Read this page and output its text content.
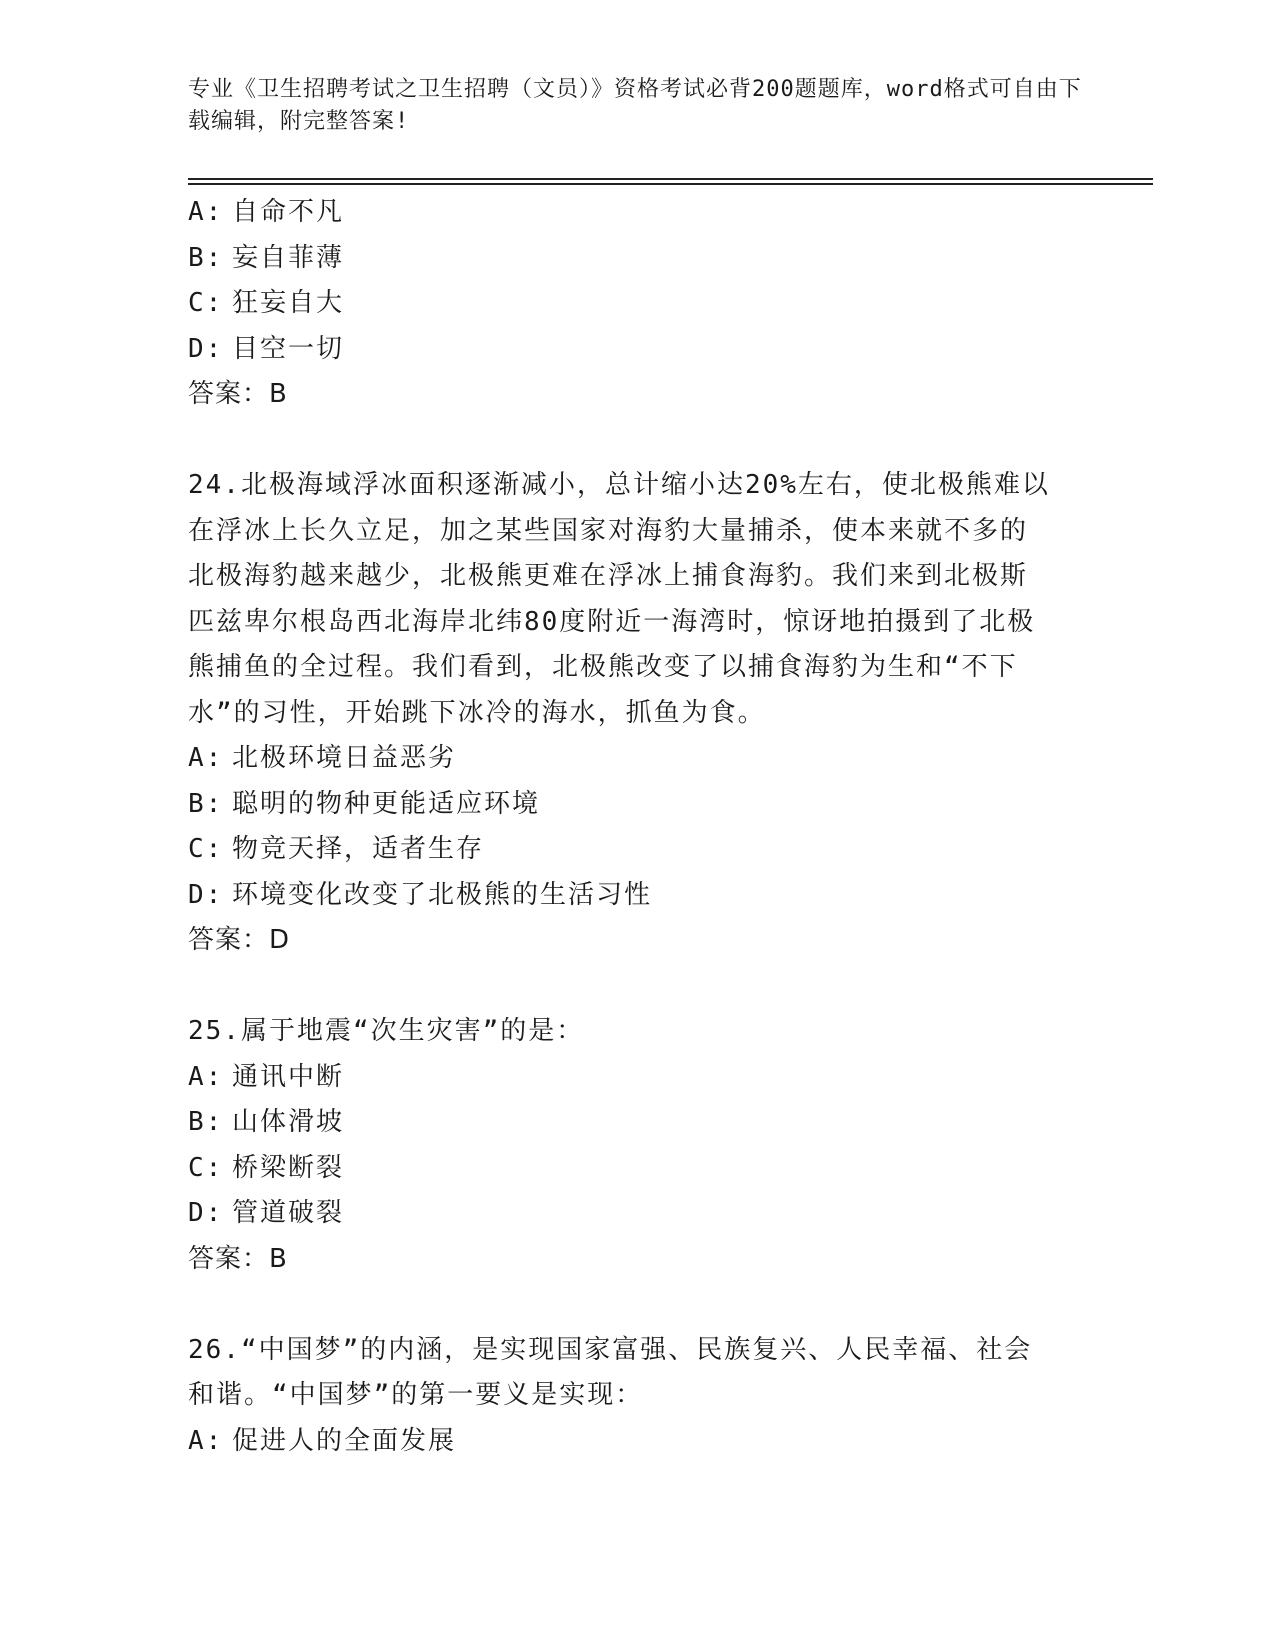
专业《卫生招聘考试之卫生招聘（文员）》资格考试必背200题题库，word格式可自由下载编辑，附完整答案!
A: 自命不凡
B: 妄自菲薄
C: 狂妄自大
D: 目空一切
答案：B
24.北极海域浮冰面积逐渐减小，总计缩小达20%左右，使北极熊难以
在浮冰上长久立足，加之某些国家对海豹大量捕杀，使本来就不多的
北极海豹越来越少，北极熊更难在浮冰上捕食海豹。我们来到北极斯
匹兹卑尔根岛西北海岸北纬80度附近一海湾时，惊讶地拍摄到了北极
熊捕鱼的全过程。我们看到，北极熊改变了以捕食海豹为生和“不下
水”的习性，开始跳下冰冷的海水，抓鱼为食。
A: 北极环境日益恶劣
B: 聪明的物种更能适应环境
C: 物竞天择，适者生存
D: 环境变化改变了北极熊的生活习性
答案：D
25.属于地震“次生灾害”的是：
A: 通讯中断
B: 山体滑坡
C: 桥梁断裂
D: 管道破裂
答案：B
26.“中国梦”的内涵，是实现国家富强、民族复兴、人民幸福、社会
和谐。“中国梦”的第一要义是实现：
A: 促进人的全面发展
